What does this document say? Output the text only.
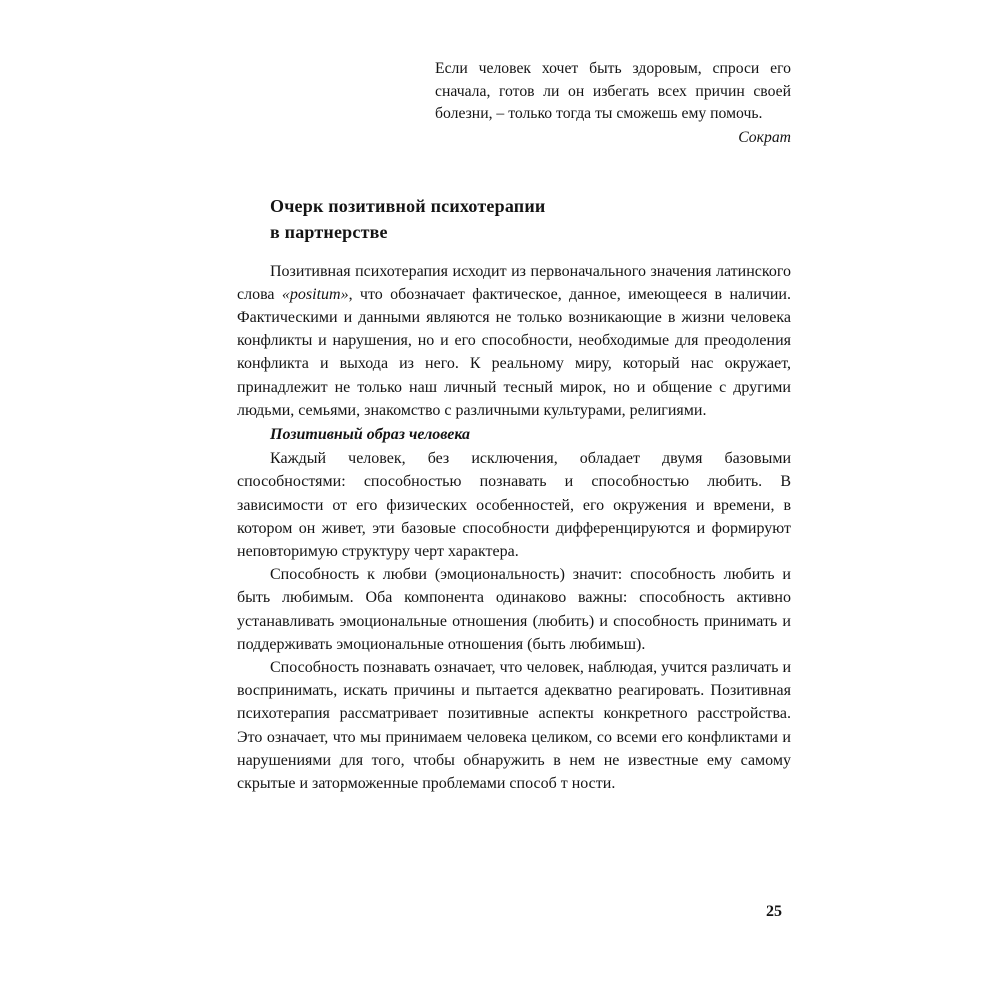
Если человек хочет быть здоровым, спроси его сначала, готов ли он избегать всех причин своей болезни, – только тогда ты сможешь ему помочь.
Сократ
Очерк позитивной психотерапии
в партнерстве

Позитивная психотерапия исходит из первоначального значения латинского слова «positum», что обозначает фактическое, данное, имеющееся в наличии. Фактическими и данными являются не только возникающие в жизни человека конфликты и нарушения, но и его способности, необходимые для преодоления конфликта и выхода из него. К реальному миру, который нас окружает, принадлежит не только наш личный тесный мирок, но и общение с другими людьми, семьями, знакомство с различными культурами, религиями.

Позитивный образ человека

Каждый человек, без исключения, обладает двумя базовыми способностями: способностью познавать и способностью любить. В зависимости от его физических особенностей, его окружения и времени, в котором он живет, эти базовые способности дифференцируются и формируют неповторимую структуру черт характера.

Способность к любви (эмоциональность) значит: способность любить и быть любимым. Оба компонента одинаково важны: способность активно устанавливать эмоциональные отношения (любить) и способность принимать и поддерживать эмоциональные отношения (быть любимьш).

Способность познавать означает, что человек, наблюдая, учится различать и воспринимать, искать причины и пытается адекватно реагировать. Позитивная психотерапия рассматривает позитивные аспекты конкретного расстройства. Это означает, что мы принимаем человека целиком, со всеми его конфликтами и нарушениями для того, чтобы обнаружить в нем не известные ему самому скрытые и заторможенные проблемами способ т ности.

25
